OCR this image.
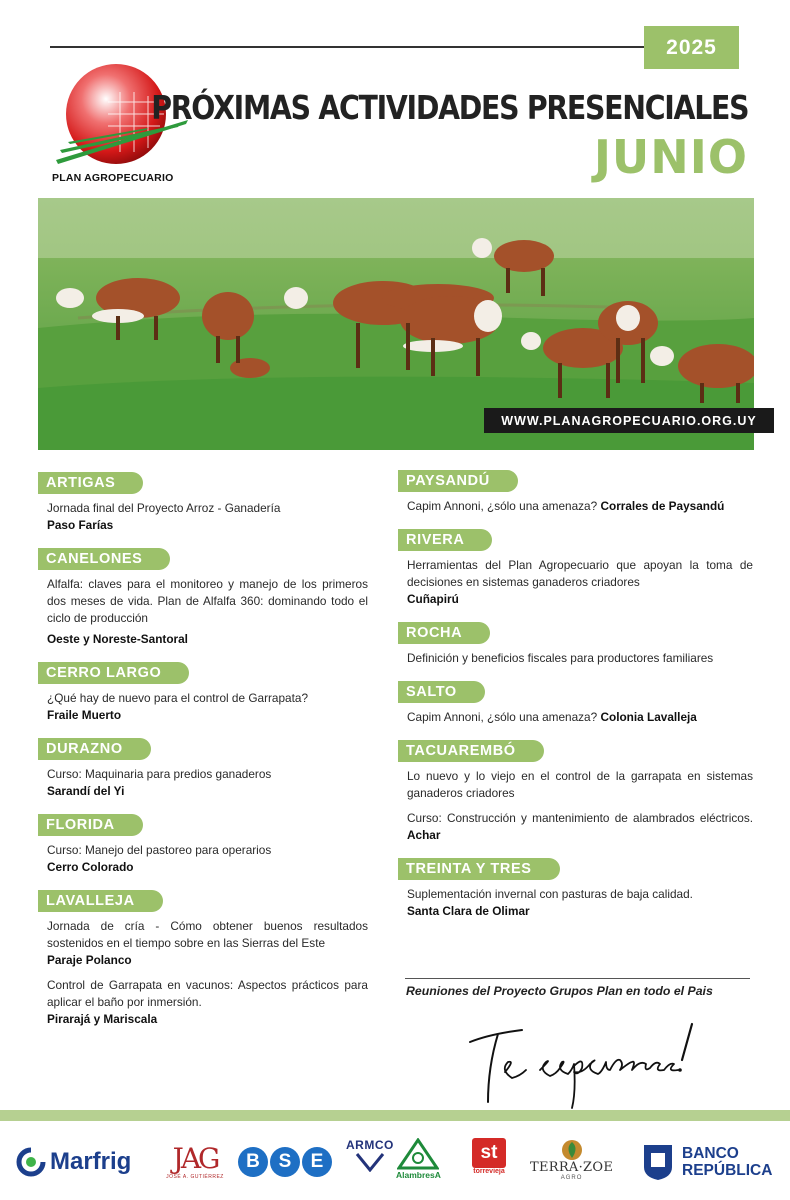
2025
PLAN AGROPECUARIO
PRÓXIMAS ACTIVIDADES PRESENCIALES
JUNIO
WWW.PLANAGROPECUARIO.ORG.UY
ARTIGAS
Jornada final del Proyecto Arroz - Ganadería
Paso Farías
CANELONES
Alfalfa: claves para el monitoreo y manejo de los primeros dos meses de vida. Plan de Alfalfa 360: dominando todo el ciclo de producción
Oeste y Noreste-Santoral
CERRO LARGO
¿Qué hay de nuevo para el control de Garrapata?
Fraile Muerto
DURAZNO
Curso: Maquinaria para predios ganaderos
Sarandí del Yi
FLORIDA
Curso: Manejo del pastoreo para operarios
Cerro Colorado
LAVALLEJA
Jornada de cría - Cómo obtener buenos resultados sostenidos en el tiempo sobre en las Sierras del Este
Paraje Polanco
Control de Garrapata en vacunos: Aspectos prácticos para aplicar el baño por inmersión.
Pirarajá y Mariscala
PAYSANDÚ
Capim Annoni, ¿sólo una amenaza? Corrales de Paysandú
RIVERA
Herramientas del Plan Agropecuario que apoyan la toma de decisiones en sistemas ganaderos criadores
Cuñapirú
ROCHA
Definición y beneficios fiscales para productores familiares
SALTO
Capim Annoni, ¿sólo una amenaza? Colonia Lavalleja
TACUAREMBÓ
Lo nuevo y lo viejo en el control de la garrapata en sistemas ganaderos criadores
Curso: Construcción y mantenimiento de alambrados eléctricos. Achar
TREINTA Y TRES
Suplementación invernal con pasturas de baja calidad.
Santa Clara de Olimar
Reuniones del Proyecto Grupos Plan en todo el Pais
Marfrig JAG
JOSÉ A. GUTIÉRREZ
B S	E
ARMCO
AlambresA
st
torrevieja TERRA·ZOE
AGRO
BANCO
REPÚBLICA
